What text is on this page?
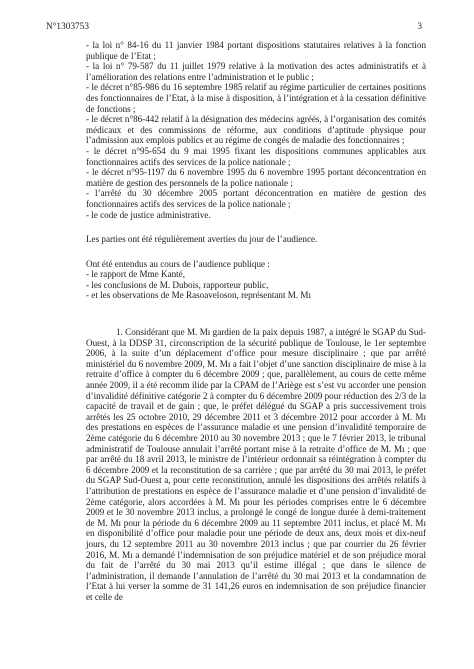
N°1303753	3

- la loi n° 84-16 du 11 janvier 1984 portant dispositions statutaires relatives à la fonction publique de l’Etat ;

- la loi n° 79-587 du 11 juillet 1979 relative à la motivation des actes administratifs et à l’amélioration des relations entre l’administration et le public ;

- le décret n°85-986 du 16 septembre 1985 relatif au régime particulier de certaines positions des fonctionnaires de l’Etat, à la mise à disposition, à l’intégration et à la cessation définitive de fonctions ;

- le décret n°86-442 relatif à la désignation des médecins agréés, à l’organisation des comités médicaux et des commissions de réforme, aux conditions d’aptitude physique pour l’admission aux emplois publics et au régime de congés de maladie des fonctionnaires ;

- le décret n°95-654 du 9 mai 1995 fixant les dispositions communes applicables aux fonctionnaires actifs des services de la police nationale ;

- le décret n°95-1197 du 6 novembre 1995 du 6 novembre 1995 portant déconcentration en matière de gestion des personnels de la police nationale ;

- l’arrêté du 30 décembre 2005 portant déconcentration en matière de gestion des fonctionnaires actifs des services de la police nationale ;

- le code de justice administrative.

Les parties ont été régulièrement averties du jour de l’audience.

Ont été entendus au cours de l’audience publique :

- le rapport de Mme Kanté,

- les conclusions de M. Dubois, rapporteur public,

- et les observations de Me Rasoaveloson, représentant M. Mı

1. Considérant que M. Mı gardien de la paix depuis 1987, a intégré le SGAP du Sud-Ouest, à la DDSP 31, circonscription de la sécurité publique de Toulouse, le 1er septembre 2006, à la suite d’un déplacement d’office pour mesure disciplinaire ; que par arrêté ministériel du 6 novembre 2009, M. Mı a fait l’objet d’une sanction disciplinaire de mise à la retraite d’office à compter du 6 décembre 2009 ; que, parallèlement, au cours de cette même année 2009, il a été recomm ilide par la CPAM de l’Ariège est s’est vu accorder une pension d’invalidité définitive catégorie 2 à compter du 6 décembre 2009 pour réduction des 2/3 de la capacité de travail et de gain ; que, le préfet délégué du SGAP a pris successivement trois arrêtés les 25 octobre 2010, 29 décembre 2011 et 3 décembre 2012 pour accorder à M. Mı des prestations en espèces de l’assurance maladie et une pension d’invalidité temporaire de 2ème catégorie du 6 décembre 2010 au 30 novembre 2013 ; que le 7 février 2013, le tribunal administratif de Toulouse annulait l’arrêté portant mise à la retraite d’office de M. Mı ; que par arrêté du 18 avril 2013, le ministre de l’intérieur ordonnait sa réintégration à compter du 6 décembre 2009 et la reconstitution de sa carrière ; que par arrêté du 30 mai 2013, le préfet du SGAP Sud-Ouest a, pour cette reconstitution, annulé les dispositions des arrêtés relatifs à l’attribution de prestations en espèce de l’assurance maladie et d’une pension d’invalidité de 2ème catégorie, alors accordées à M. Mı pour les périodes comprises entre le 6 décembre 2009 et le 30 novembre 2013 inclus, a prolongé le congé de longue durée à demi-traitement de M. Mı pour la période du 6 décembre 2009 au 11 septembre 2011 inclus, et placé M. Mı en disponibilité d’office pour maladie pour une période de deux ans, deux mois et dix-neuf jours, du 12 septembre 2011 au 30 novembre 2013 inclus ; que par courrier du 26 février 2016, M. Mı a demandé l’indemnisation de son préjudice matériel et de son préjudice moral du fait de l’arrêté du 30 mai 2013 qu’il estime illégal ; que dans le silence de l’administration, il demande l’annulation de l’arrêté du 30 mai 2013 et la condamnation de l’Etat à lui verser la somme de 31 141,26 euros en indemnisation de son préjudice financier et celle de
